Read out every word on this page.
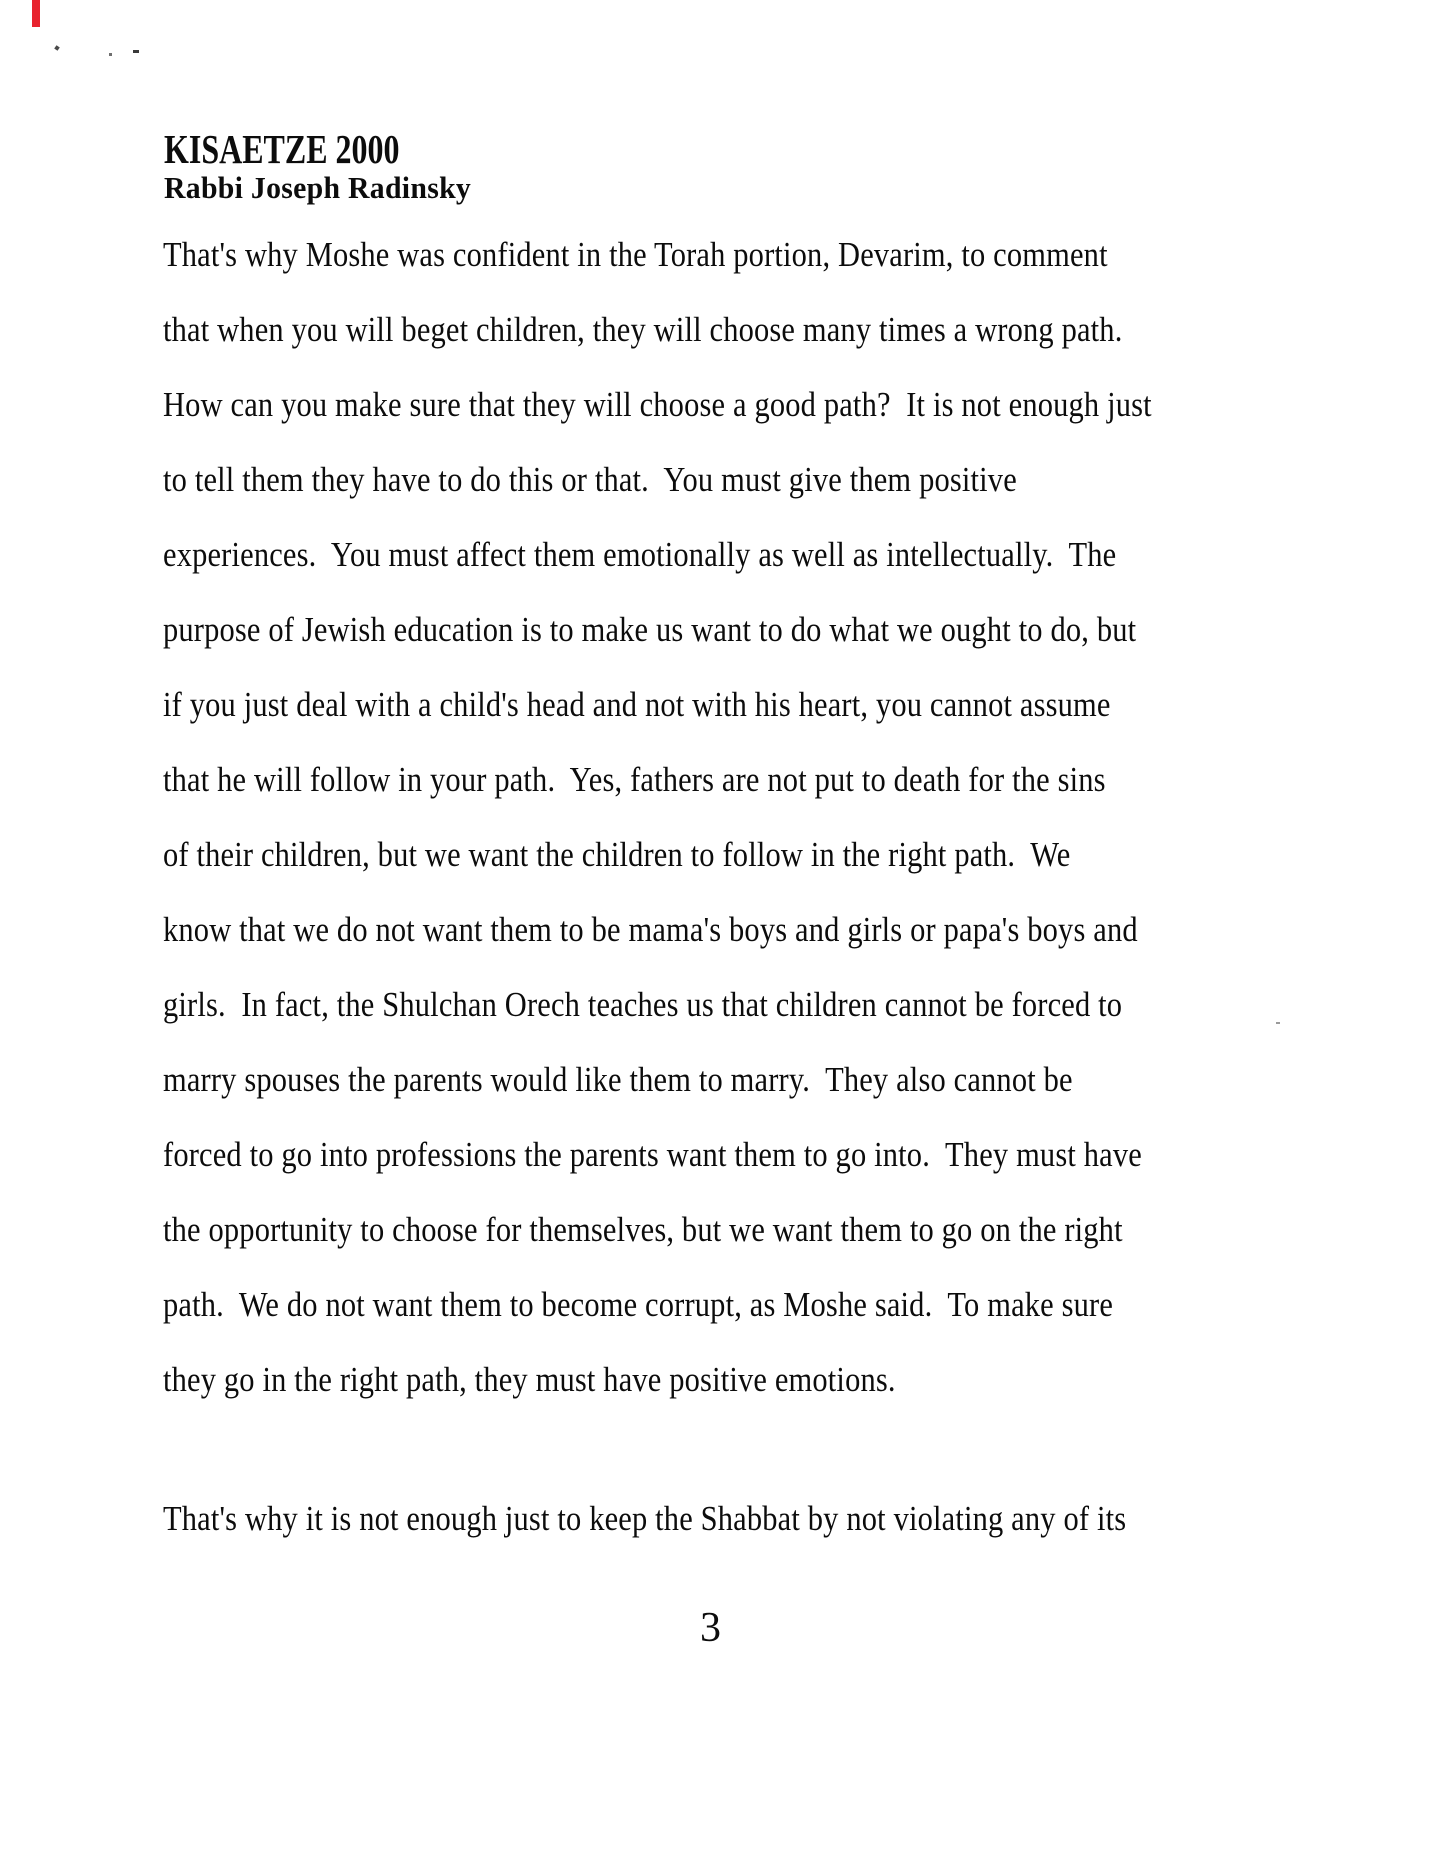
KISAETZE 2000
Rabbi Joseph Radinsky
That's why Moshe was confident in the Torah portion, Devarim, to comment
that when you will beget children, they will choose many times a wrong path.
How can you make sure that they will choose a good path?  It is not enough just
to tell them they have to do this or that.  You must give them positive
experiences.  You must affect them emotionally as well as intellectually.  The
purpose of Jewish education is to make us want to do what we ought to do, but
if you just deal with a child's head and not with his heart, you cannot assume
that he will follow in your path.  Yes, fathers are not put to death for the sins
of their children, but we want the children to follow in the right path.  We
know that we do not want them to be mama's boys and girls or papa's boys and
girls.  In fact, the Shulchan Orech teaches us that children cannot be forced to
marry spouses the parents would like them to marry.  They also cannot be
forced to go into professions the parents want them to go into.  They must have
the opportunity to choose for themselves, but we want them to go on the right
path.  We do not want them to become corrupt, as Moshe said.  To make sure
they go in the right path, they must have positive emotions.
That's why it is not enough just to keep the Shabbat by not violating any of its
3
